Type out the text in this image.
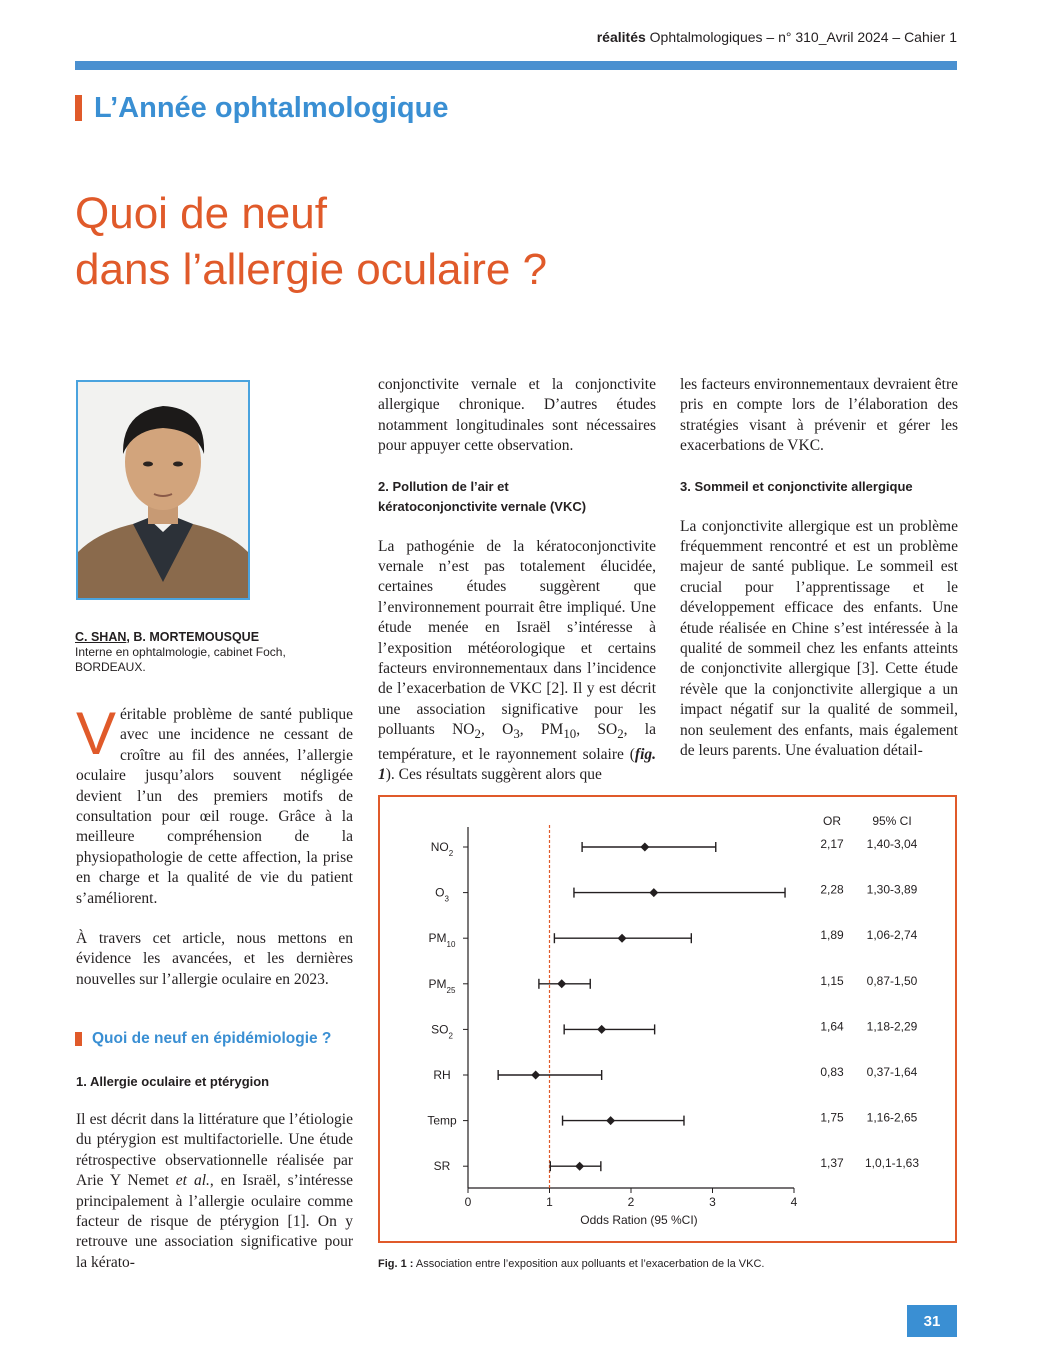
réalités Ophtalmologiques – n° 310_Avril 2024 – Cahier 1
L’Année ophtalmologique
Quoi de neuf
dans l’allergie oculaire ?
C. SHAN, B. MORTEMOUSQUE
Interne en ophtalmologie, cabinet Foch,
BORDEAUX.

Véritable problème de santé publique avec une incidence ne cessant de croître au fil des années, l’allergie oculaire jusqu’alors souvent négligée devient l’un des premiers motifs de consultation pour œil rouge. Grâce à la meilleure compréhension de la physiopathologie de cette affection, la prise en charge et la qualité de vie du patient s’améliorent.

À travers cet article, nous mettons en évidence les avancées, et les dernières nouvelles sur l’allergie oculaire en 2023.

Quoi de neuf en épidémiologie ?
1. Allergie oculaire et ptérygion

Il est décrit dans la littérature que l’étiologie du ptérygion est multifactorielle. Une étude rétrospective observationnelle réalisée par Arie Y Nemet et al., en Israël, s’intéresse principalement à l’allergie oculaire comme facteur de risque de ptérygion [1]. On y retrouve une association significative pour la kérato-

conjonctivite vernale et la conjonctivite allergique chronique. D’autres études notamment longitudinales sont nécessaires pour appuyer cette observation.

2. Pollution de l’air et
kératoconjonctivite vernale (VKC)

La pathogénie de la kératoconjonctivite vernale n’est pas totalement élucidée, certaines études suggèrent que l’environnement pourrait être impliqué. Une étude menée en Israël s’intéresse à l’exposition météorologique et certains facteurs environnementaux dans l’incidence de l’exacerbation de VKC [2]. Il y est décrit une association significative pour les polluants $NO_2$, $O_3$, $PM_{10}$, $SO_2$, la température, et le rayonnement solaire (fig. 1). Ces résultats suggèrent alors que

les facteurs environnementaux devraient être pris en compte lors de l’élaboration des stratégies visant à prévenir et gérer les exacerbations de VKC.

3. Sommeil et conjonctivite allergique

La conjonctivite allergique est un problème fréquemment rencontré et est un problème majeur de santé publique. Le sommeil est crucial pour l’apprentissage et le développement efficace des enfants. Une étude réalisée en Chine s’est intéressée à la qualité de sommeil chez les enfants atteints de conjonctivite allergique [3]. Cette étude révèle que la conjonctivite allergique a un impact négatif sur la qualité de sommeil, non seulement des enfants, mais également de leurs parents. Une évaluation détail-

0	1	2	3	4
Odds Ration (95 %CI)
OR	95% CI
$NO_2$
2,17 1,40-3,04
$O_3$
2,28 1,30-3,89
$PM_{10}$
1,89 1,06-2,74
$PM_{25}$
1,15 0,87-1,50
$SO_2$
1,64 1,18-2,29
RH	0,83 0,37-1,64
Temp	1,75 1,16-2,65
SR	1,37 1,0,1-1,63
Fig. 1 : Association entre l’exposition aux polluants et l’exacerbation de la VKC.
31
